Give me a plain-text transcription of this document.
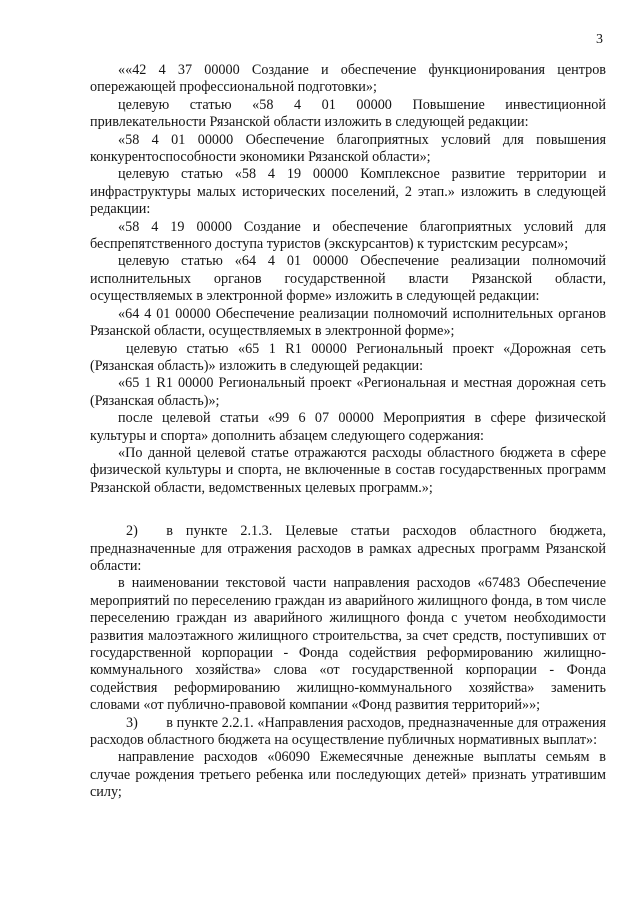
3

««42 4 37 00000 Создание и обеспечение функционирования центров опережающей профессиональной подготовки»;

целевую статью «58 4 01 00000 Повышение инвестиционной привлекательности Рязанской области изложить в следующей редакции:

«58 4 01 00000 Обеспечение благоприятных условий для повышения конкурентоспособности экономики Рязанской области»;

целевую статью «58 4 19 00000 Комплексное развитие территории и инфраструктуры малых исторических поселений, 2 этап.» изложить в следующей редакции:

«58 4 19 00000 Создание и обеспечение благоприятных условий для беспрепятственного доступа туристов (экскурсантов) к туристским ресурсам»;

целевую статью «64 4 01 00000 Обеспечение реализации полномочий исполнительных органов государственной власти Рязанской области, осуществляемых в электронной форме» изложить в следующей редакции:

«64 4 01 00000 Обеспечение реализации полномочий исполнительных органов Рязанской области, осуществляемых в электронной форме»;

целевую статью «65 1 R1 00000 Региональный проект «Дорожная сеть (Рязанская область)» изложить в следующей редакции:

«65 1 R1 00000 Региональный проект «Региональная и местная дорожная сеть (Рязанская область)»;

после целевой статьи «99 6 07 00000 Мероприятия в сфере физической культуры и спорта» дополнить абзацем следующего содержания:

«По данной целевой статье отражаются расходы областного бюджета в сфере физической культуры и спорта, не включенные в состав государственных программ Рязанской области, ведомственных целевых программ.»;

2)  в пункте 2.1.3. Целевые статьи расходов областного бюджета, предназначенные для отражения расходов в рамках адресных программ Рязанской области:

в наименовании текстовой части направления расходов «67483 Обеспечение мероприятий по переселению граждан из аварийного жилищного фонда, в том числе переселению граждан из аварийного жилищного фонда с учетом необходимости развития малоэтажного жилищного строительства, за счет средств, поступивших от государственной корпорации - Фонда содействия реформированию жилищно-коммунального хозяйства» слова «от государственной корпорации - Фонда содействия реформированию жилищно-коммунального хозяйства» заменить словами «от публично-правовой компании «Фонд развития территорий»»;

3)  в пункте 2.2.1. «Направления расходов, предназначенные для отражения расходов областного бюджета на осуществление публичных нормативных выплат»:

направление расходов «06090 Ежемесячные денежные выплаты семьям в случае рождения третьего ребенка или последующих детей» признать утратившим силу;
